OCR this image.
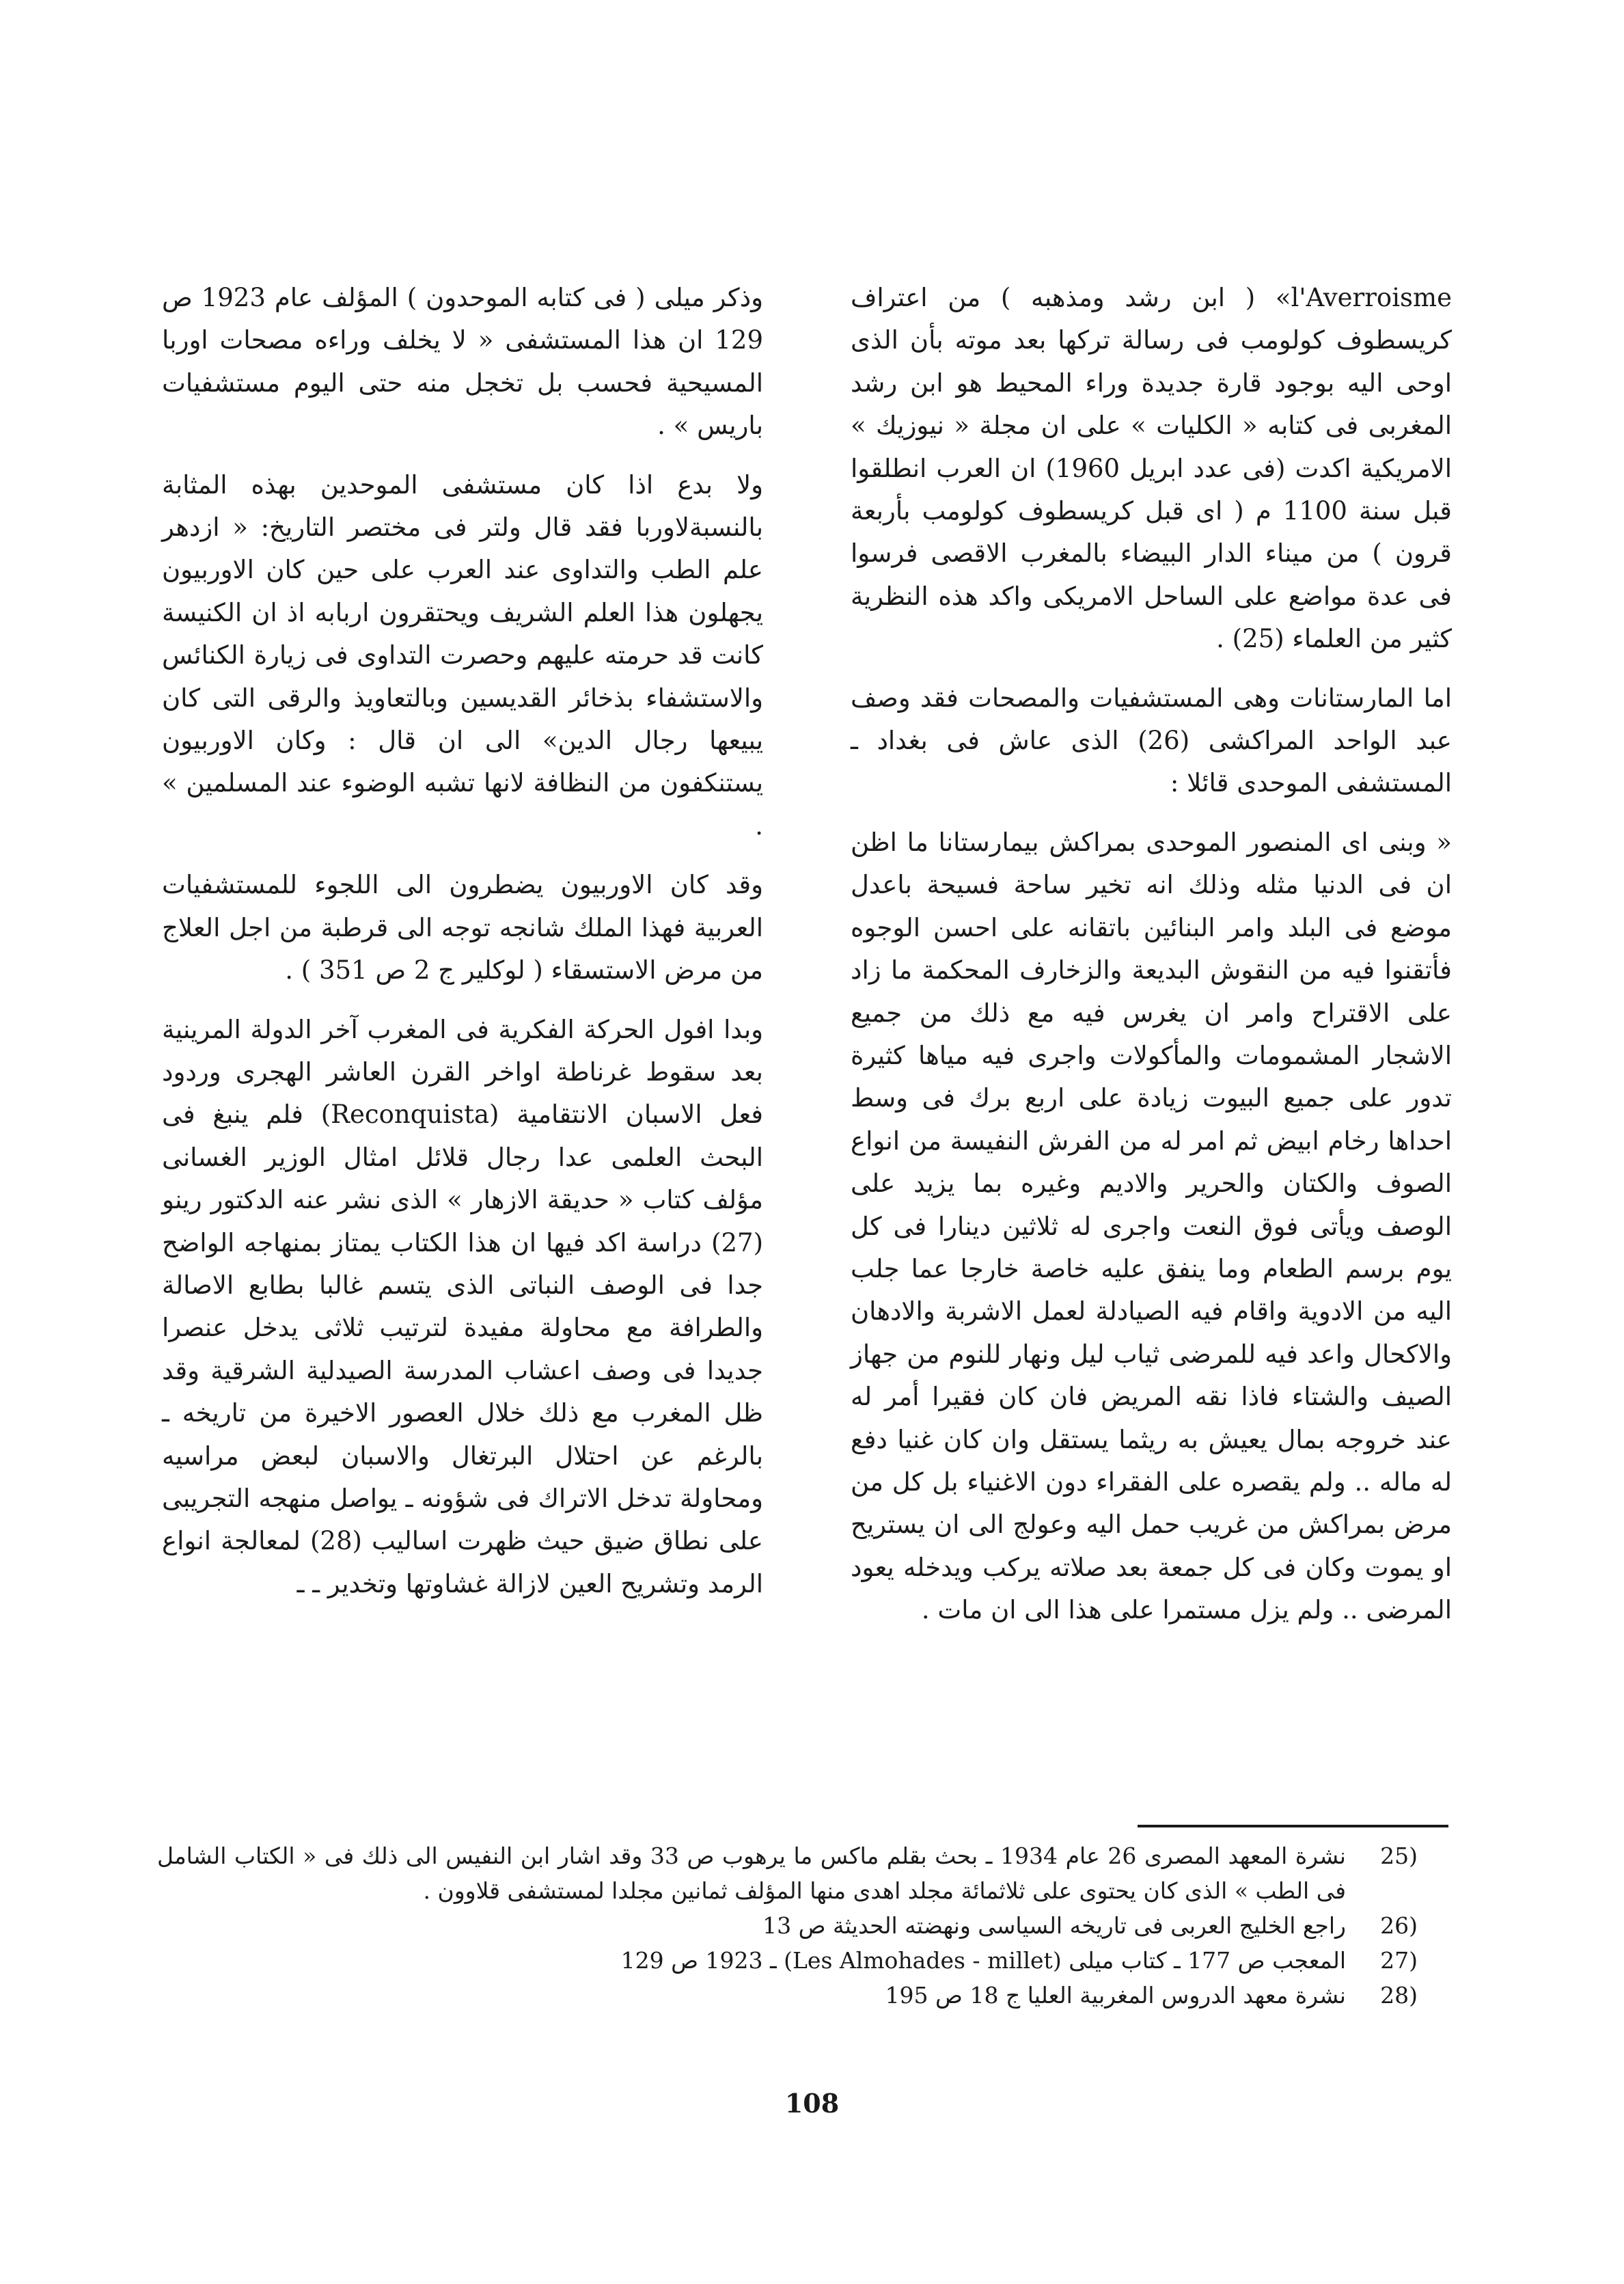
l'Averroisme» ( ابن رشد ومذهبه ) من اعتراف كريسطوف كولومب فى رسالة تركها بعد موته بأن الذى اوحى اليه بوجود قارة جديدة وراء المحيط هو ابن رشد المغربى فى كتابه « الكليات » على ان مجلة « نيوزيك » الامريكية اكدت (فى عدد ابريل 1960) ان العرب انطلقوا قبل سنة 1100 م ( اى قبل كريسطوف كولومب بأربعة قرون ) من ميناء الدار البيضاء بالمغرب الاقصى فرسوا فى عدة مواضع على الساحل الامريكى واكد هذه النظرية كثير من العلماء (25) .

اما المارستانات وهى المستشفيات والمصحات فقد وصف عبد الواحد المراكشى (26) الذى عاش فى بغداد ـ المستشفى الموحدى قائلا :

« وبنى اى المنصور الموحدى بمراكش بيمارستانا ما اظن ان فى الدنيا مثله وذلك انه تخير ساحة فسيحة باعدل موضع فى البلد وامر البنائين باتقانه على احسن الوجوه فأتقنوا فيه من النقوش البديعة والزخارف المحكمة ما زاد على الاقتراح وامر ان يغرس فيه مع ذلك من جميع الاشجار المشمومات والمأكولات واجرى فيه مياها كثيرة تدور على جميع البيوت زيادة على اربع برك فى وسط احداها رخام ابيض ثم امر له من الفرش النفيسة من انواع الصوف والكتان والحرير والاديم وغيره بما يزيد على الوصف ويأتى فوق النعت واجرى له ثلاثين دينارا فى كل يوم برسم الطعام وما ينفق عليه خاصة خارجا عما جلب اليه من الادوية واقام فيه الصيادلة لعمل الاشربة والادهان والاكحال واعد فيه للمرضى ثياب ليل ونهار للنوم من جهاز الصيف والشتاء فاذا نقه المريض فان كان فقيرا أمر له عند خروجه بمال يعيش به ريثما يستقل وان كان غنيا دفع له ماله .. ولم يقصره على الفقراء دون الاغنياء بل كل من مرض بمراكش من غريب حمل اليه وعولج الى ان يستريح او يموت وكان فى كل جمعة بعد صلاته يركب ويدخله يعود المرضى .. ولم يزل مستمرا على هذا الى ان مات .

وذكر ميلى ( فى كتابه الموحدون ) المؤلف عام 1923 ص 129 ان هذا المستشفى « لا يخلف وراءه مصحات اوربا المسيحية فحسب بل تخجل منه حتى اليوم مستشفيات باريس » .

ولا بدع اذا كان مستشفى الموحدين بهذه المثابة بالنسبةلاوربا فقد قال ولتر فى مختصر التاريخ: « ازدهر علم الطب والتداوى عند العرب على حين كان الاوربيون يجهلون هذا العلم الشريف ويحتقرون اربابه اذ ان الكنيسة كانت قد حرمته عليهم وحصرت التداوى فى زيارة الكنائس والاستشفاء بذخائر القديسين وبالتعاويذ والرقى التى كان يبيعها رجال الدين» الى ان قال : وكان الاوربيون يستنكفون من النظافة لانها تشبه الوضوء عند المسلمين » .

وقد كان الاوربيون يضطرون الى اللجوء للمستشفيات العربية فهذا الملك شانجه توجه الى قرطبة من اجل العلاج من مرض الاستسقاء ( لوكلير ج 2 ص 351 ) .

وبدا افول الحركة الفكرية فى المغرب آخر الدولة المرينية بعد سقوط غرناطة اواخر القرن العاشر الهجرى وردود فعل الاسبان الانتقامية (Reconquista) فلم ينبغ فى البحث العلمى عدا رجال قلائل امثال الوزير الغسانى مؤلف كتاب « حديقة الازهار » الذى نشر عنه الدكتور رينو (27) دراسة اكد فيها ان هذا الكتاب يمتاز بمنهاجه الواضح جدا فى الوصف النباتى الذى يتسم غالبا بطابع الاصالة والطرافة مع محاولة مفيدة لترتيب ثلاثى يدخل عنصرا جديدا فى وصف اعشاب المدرسة الصيدلية الشرقية وقد ظل المغرب مع ذلك خلال العصور الاخيرة من تاريخه ـ بالرغم عن احتلال البرتغال والاسبان لبعض مراسيه ومحاولة تدخل الاتراك فى شؤونه ـ يواصل منهجه التجريبى على نطاق ضيق حيث ظهرت اساليب (28) لمعالجة انواع الرمد وتشريح العين لازالة غشاوتها وتخدير ـ ـ

(25
نشرة المعهد المصرى 26 عام 1934 ـ بحث بقلم ماكس ما يرهوب ص 33 وقد اشار ابن النفيس الى ذلك فى « الكتاب الشامل فى الطب » الذى كان يحتوى على ثلاثمائة مجلد اهدى منها المؤلف ثمانين مجلدا لمستشفى قلاوون .
(26
راجع الخليج العربى فى تاريخه السياسى ونهضته الحديثة ص 13
(27
المعجب ص 177 ـ كتاب ميلى (Les Almohades - millet) ـ 1923 ص 129
(28
نشرة معهد الدروس المغربية العليا ج 18 ص 195
108
